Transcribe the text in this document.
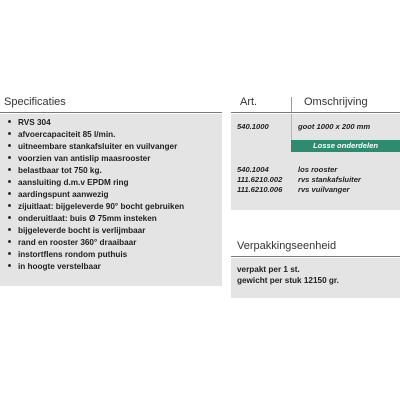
Specificaties
RVS 304
afvoercapaciteit 85 l/min.
uitneembare stankafsluiter en vuilvanger
voorzien van antislip maasrooster
belastbaar tot 750 kg.
aansluiting d.m.v EPDM ring
aardingspunt aanwezig
zijuitlaat: bijgeleverde 90° bocht gebruiken
onderuitlaat: buis Ø 75mm insteken
bijgeleverde bocht is verlijmbaar
rand en rooster 360° draaibaar
instortflens rondom puthuis
in hoogte verstelbaar
Art.	Omschrijving
540.1000	goot 1000 x 200 mm
Losse onderdelen
540.1004	los rooster
111.6210.002 rvs stankafsluiter
111.6210.006 rvs vuilvanger
Verpakkingseenheid
verpakt per 1 st.
gewicht per stuk 12150 gr.
